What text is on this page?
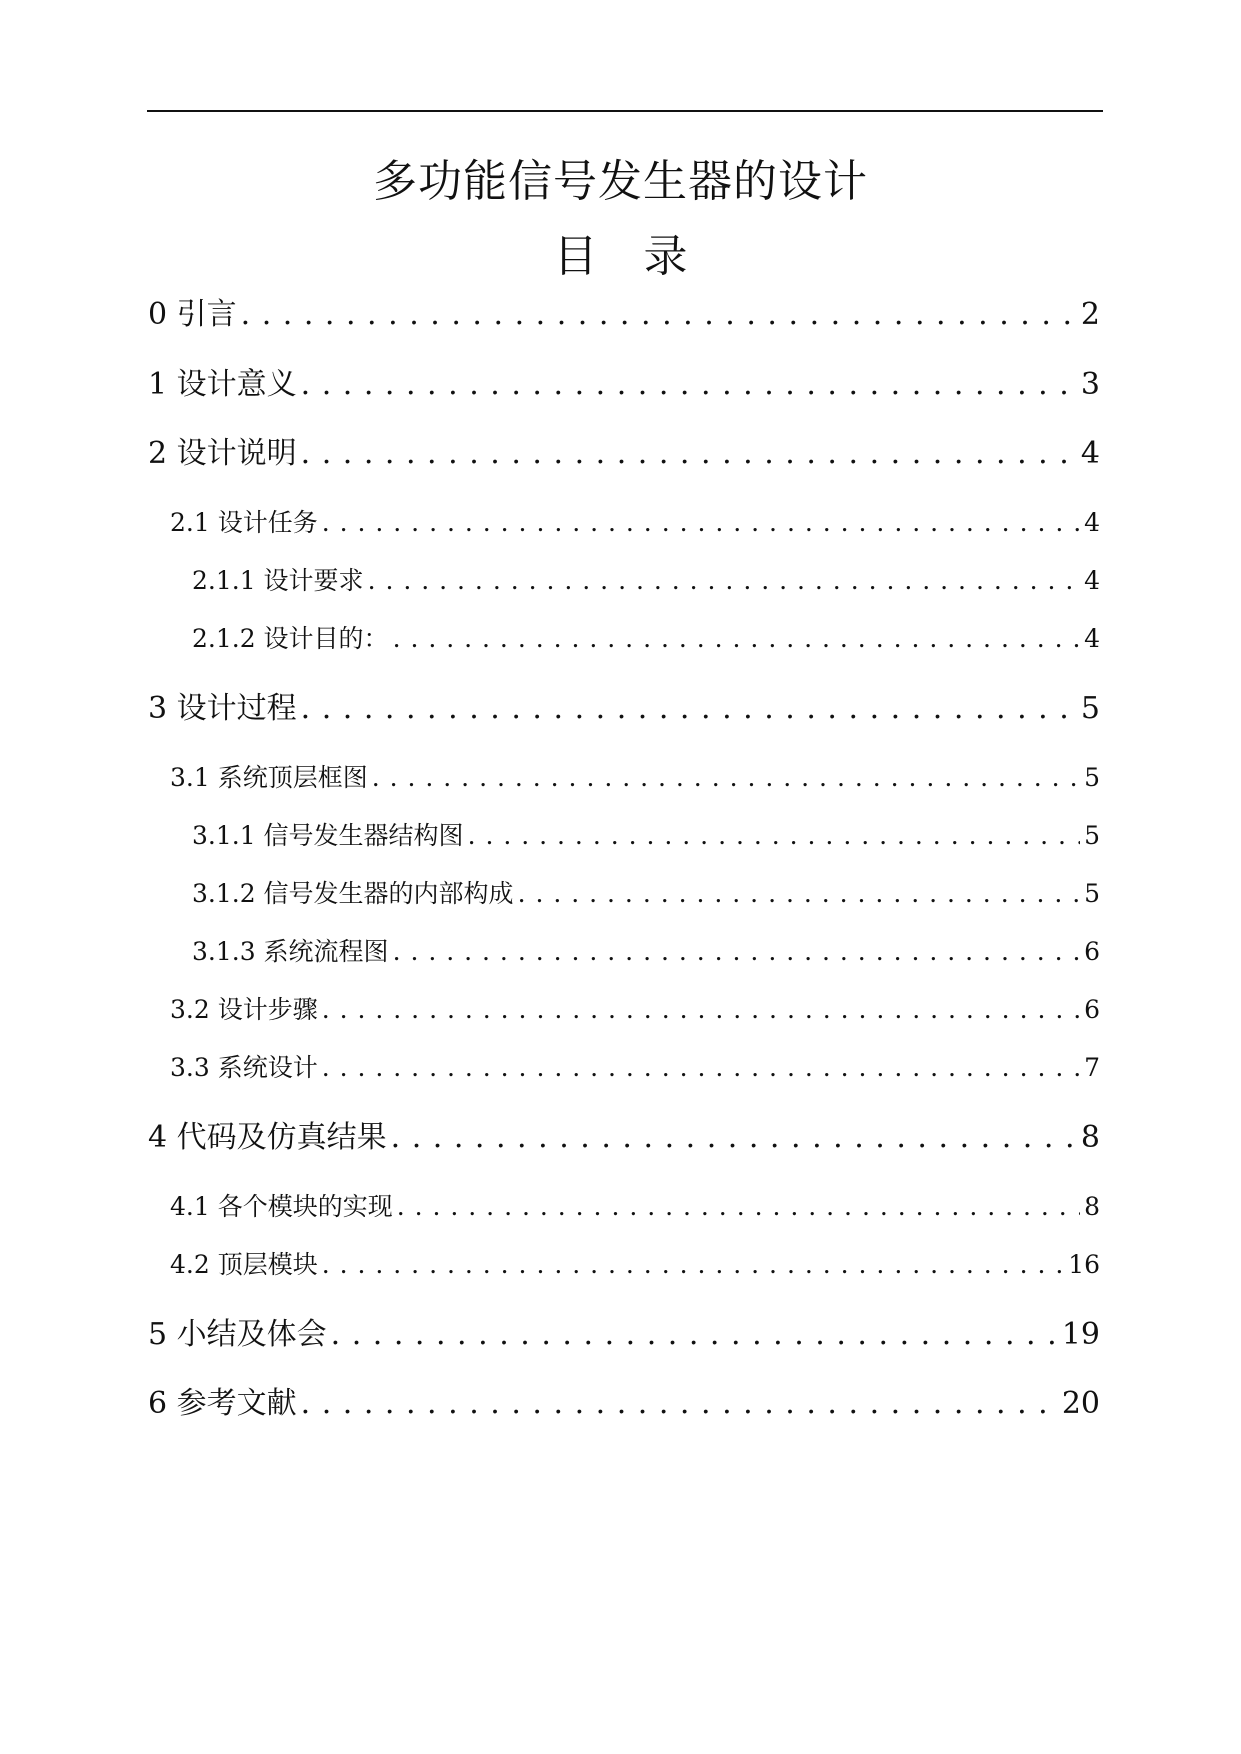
多功能信号发生器的设计
目 录
0 引言 . . .	2
1 设计意义 . . .	3
2 设计说明 . . .	4
2.1 设计任务 . . .	4
2.1.1 设计要求 . . .	4
2.1.2 设计目的： . . .	4
3 设计过程 . . .	5
3.1 系统顶层框图 . . .	5
3.1.1 信号发生器结构图 . . .	5
3.1.2 信号发生器的内部构成 . . .	5
3.1.3 系统流程图 . . .	6
3.2 设计步骤 . . .	6
3.3 系统设计 . . .	7
4 代码及仿真结果 . . .	8
4.1 各个模块的实现 . . .	8
4.2 顶层模块 . . .	16
5 小结及体会 . . .	19
6 参考文献 . . .	20
